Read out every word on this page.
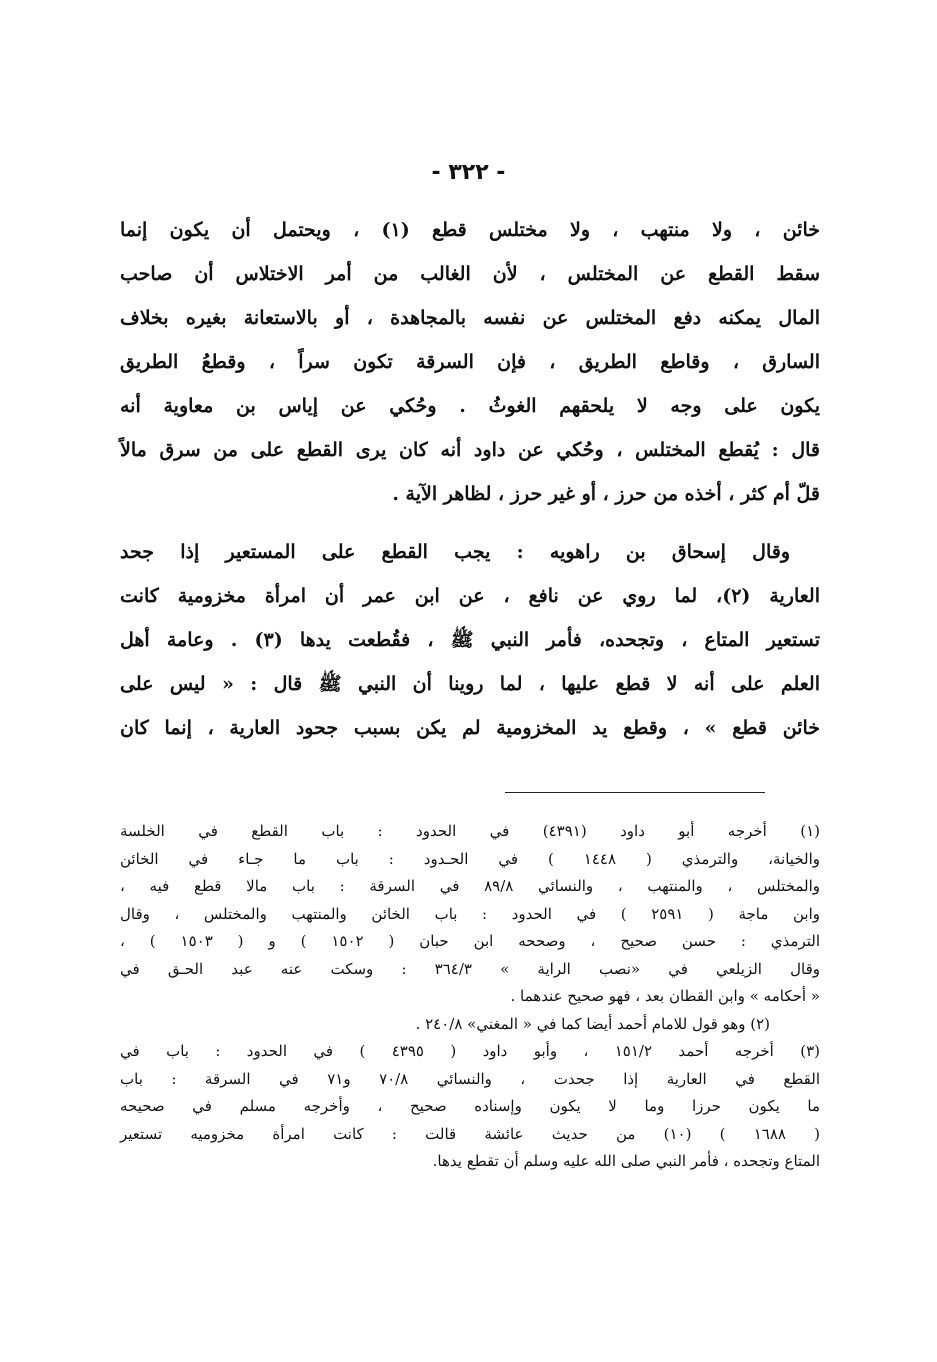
- ٣٢٢ -
خائن ، ولا منتهب ، ولا مختلس قطع (١) ، ويحتمل أن يكون إنما
سقط القطع عن المختلس ، لأن الغالب من أمر الاختلاس أن صاحب
المال يمكنه دفع المختلس عن نفسه بالمجاهدة ، أو بالاستعانة بغيره بخلاف
السارق ، وقاطع الطريق ، فإن السرقة تكون سراً ، وقطعُ الطريق
يكون على وجه لا يلحقهم الغوثُ . وحُكي عن إياس بن معاوية أنه
قال : يُقطع المختلس ، وحُكي عن داود أنه كان يرى القطع على من سرق مالاً
قلّ أم كثر ، أخذه من حرز ، أو غير حرز ، لظاهر الآية .
وقال إسحاق بن راهويه : يجب القطع على المستعير إذا جحد
العارية (٢)، لما روي عن نافع ، عن ابن عمر أن امرأة مخزومية كانت
تستعير المتاع ، وتجحده، فأمر النبي ﷺ ، فقُطعت يدها (٣) . وعامة أهل
العلم على أنه لا قطع عليها ، لما روينا أن النبي ﷺ قال : « ليس على
خائن قطع » ، وقطع يد المخزومية لم يكن بسبب جحود العارية ، إنما كان
(١) أخرجه أبو داود (٤٣٩١) في الحدود : باب القطع في الخلسة
والخيانة، والترمذي ( ١٤٤٨ ) في الحـدود : باب ما جـاء في الخائن
والمختلس ، والمنتهب ، والنسائي ٨٩/٨ في السرقة : باب مالا قطع فيه ،
وابن ماجة ( ٢٥٩١ ) في الحدود : باب الخائن والمنتهب والمختلس ، وقال
الترمذي : حسن صحيح ، وصححه ابن حبان ( ١٥٠٢ ) و ( ١٥٠٣ ) ،
وقال الزيلعي في «نصب الراية » ٣٦٤/٣ : وسكت عنه عبد الحـق في
« أحكامه » وابن القطان بعد ، فهو صحيح عندهما .
(٢) وهو قول للامام أحمد أيضا كما في « المغني» ٢٤٠/٨ .
(٣) أخرجه أحمد ١٥١/٢ ، وأبو داود ( ٤٣٩٥ ) في الحدود : باب في
القطع في العارية إذا جحدت ، والنسائي ٧٠/٨ و٧١ في السرقة : باب
ما يكون حرزا وما لا يكون وإسناده صحيح ، وأخرجه مسلم في صحيحه
( ١٦٨٨ ) (١٠) من حديث عائشة قالت : كانت امرأة مخزوميه تستعير
المتاع وتجحده ، فأمر النبي صلى الله عليه وسلم أن تقطع يدها.
